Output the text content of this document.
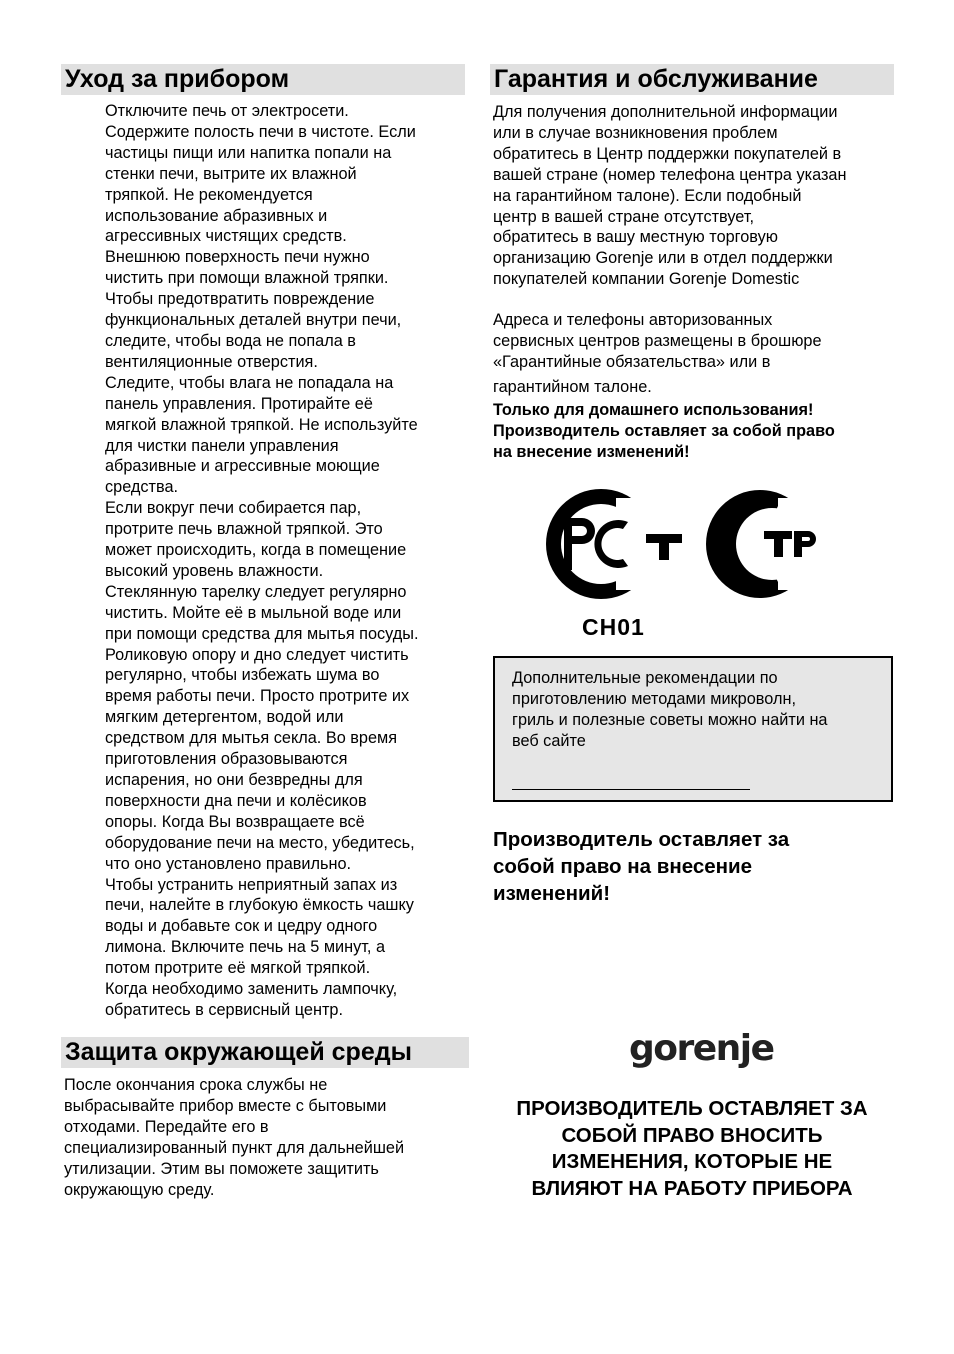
Уход за прибором

Отключите печь от электросети.

Содержите полость печи в чистоте. Если

частицы пищи или напитка попали на

стенки печи, вытрите их влажной

тряпкой. Не рекомендуется

использование абразивных и

агрессивных чистящих средств.

Внешнюю поверхность печи нужно

чистить при помощи влажной тряпки.

Чтобы предотвратить повреждение

функциональных деталей внутри печи,

следите, чтобы вода не попала в

вентиляционные отверстия.

Следите, чтобы влага не попадала на

панель управления. Протирайте её

мягкой влажной тряпкой. Не используйте

для чистки панели управления

абразивные и агрессивные моющие

средства.

Если вокруг печи собирается пар,

протрите печь влажной тряпкой. Это

может происходить, когда в помещение

высокий уровень влажности.

Стеклянную тарелку следует регулярно

чистить. Мойте её в мыльной воде или

при помощи средства для мытья посуды.

Роликовую опору и дно следует чистить

регулярно, чтобы избежать шума во

время работы печи. Просто протрите их

мягким детергентом, водой или

средством для мытья секла. Во время

приготовления образовываются

испарения, но они безвредны для

поверхности дна печи и колёсиков

опоры. Когда Вы возвращаете всё

оборудование печи на место, убедитесь,

что оно установлено правильно.

Чтобы устранить неприятный запах из

печи, налейте в глубокую ёмкость чашку

воды и добавьте сок и цедру одного

лимона. Включите печь на 5 минут, а

потом протрите её мягкой тряпкой.

Когда необходимо заменить лампочку,

обратитесь в сервисный центр.

Защита окружающей среды
После окончания срока службы не
выбрасывайте прибор вместе с бытовыми
отходами. Передайте его в
специализированный пункт для дальнейшей
утилизации. Этим вы поможете защитить
окружающую среду.
Гарантия и обслуживание

Для получения дополнительной информации

или в случае возникновения проблем

обратитесь в Центр поддержки покупателей в

вашей стране (номер телефона центра указан

на гарантийном талоне). Если подобный

центр в вашей стране отсутствует,

обратитесь в вашу местную торговую

организацию Gorenje или в отдел поддержки

покупателей компании Gorenje Domestic

Адреса и телефоны авторизованных

сервисных центров размещены в брошюре

«Гарантийные обязательства» или в

гарантийном талоне.

Только для домашнего использования!
Производитель оставляет за собой право
на внесение изменений!
СН01
Дополнительные рекомендации по
приготовлению методами микроволн,
гриль и полезные советы можно найти на
веб сайте
Производитель оставляет за
собой право на внесение
изменений!
gorenje
ПРОИЗВОДИТЕЛЬ ОСТАВЛЯЕТ ЗА
СОБОЙ ПРАВО ВНОСИТЬ
ИЗМЕНЕНИЯ, КОТОРЫЕ НЕ
ВЛИЯЮТ НА РАБОТУ ПРИБОРА
